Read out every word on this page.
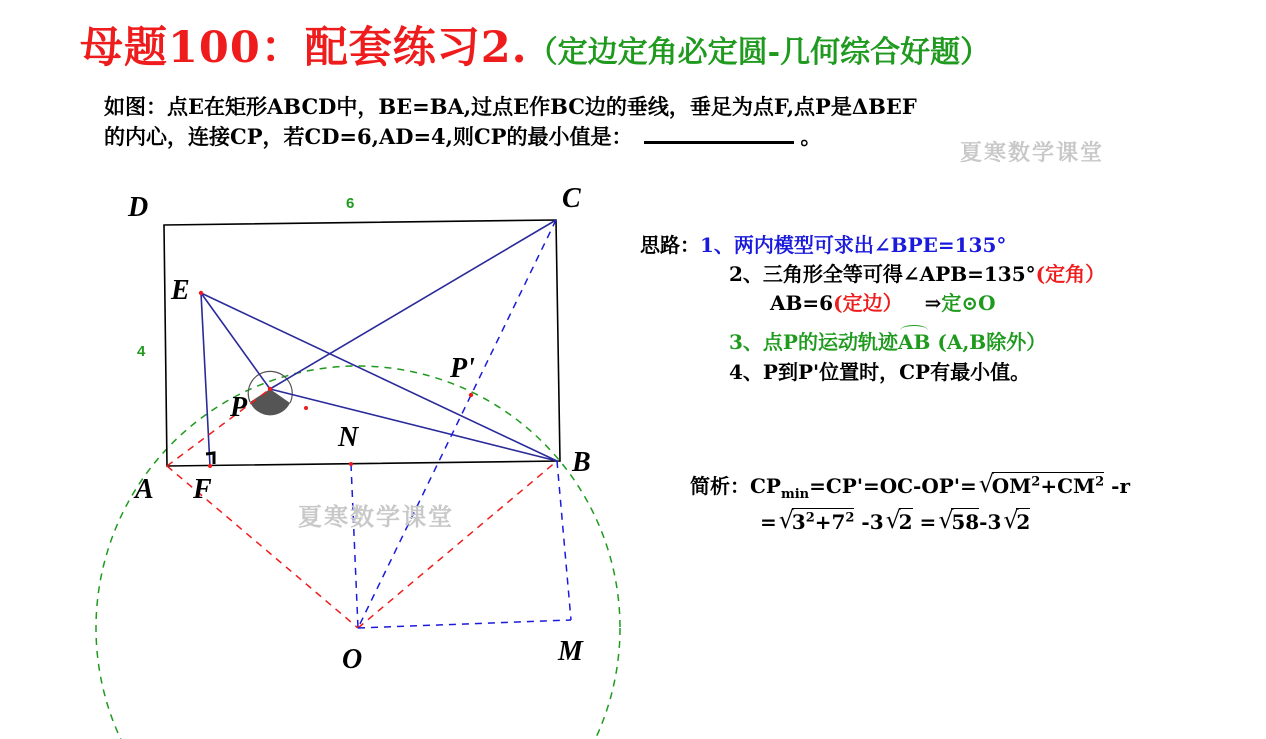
母题100：配套练习2.（定边定角必定圆-几何综合好题）
如图：点E在矩形ABCD中，BE=BA,过点E作BC边的垂线，垂足为点F,点P是ΔBEF
的内心，连接CP，若CD=6,AD=4,则CP的最小值是：	。
夏寒数学课堂
D	C
E
P
P'
N
A F
B
O	M
6
4
夏寒数学课堂
思路：1、两内模型可求出∠BPE=135°
2、三角形全等可得∠APB=135°(定角）
AB=6(定边） ⇒定⊙O
3、点P的运动轨迹AB (A,B除外）
4、P到P'位置时，CP有最小值。
简析：$CP_{min}=CP'=OC-OP'=√$ $OM^2+CM^2$ -r
=√ $3^2+7^2$ -3√ 2 =√ 58-3√ 2
